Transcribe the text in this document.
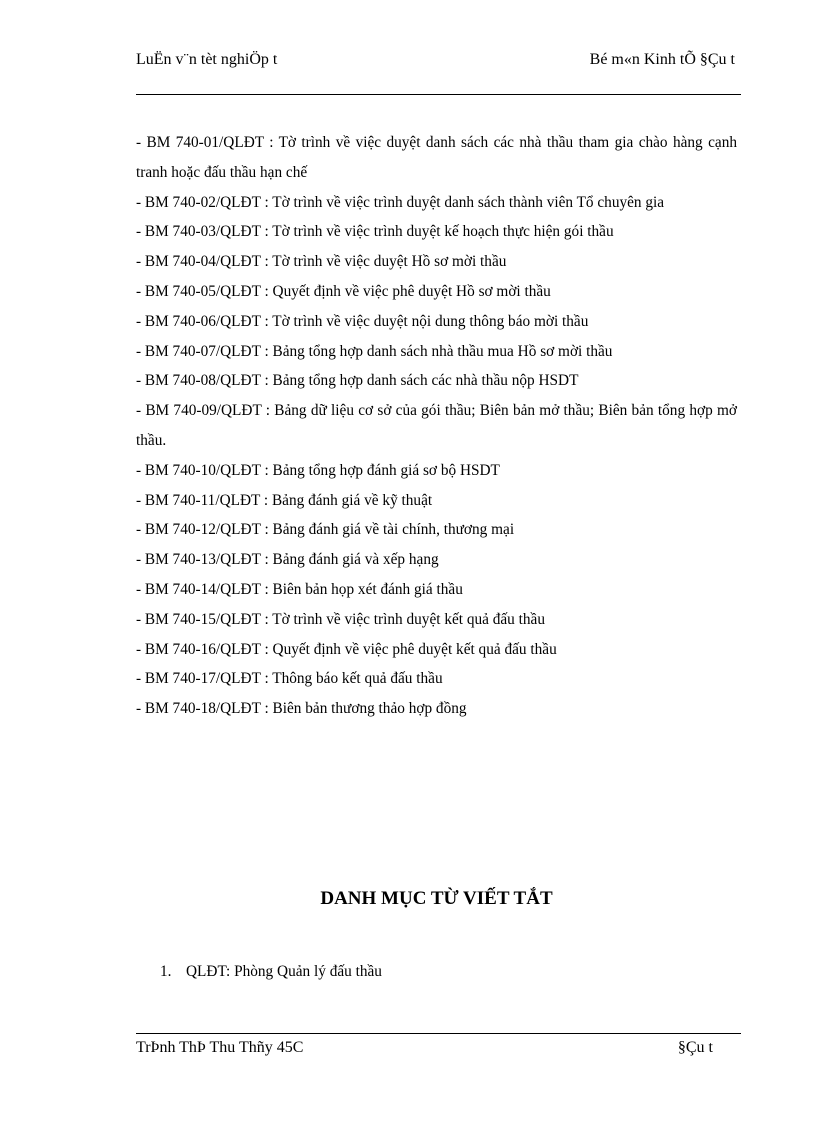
LuËn v¨n tèt nghiÖp t	Bé m«n Kinh tÕ §Çu t

- BM 740-01/QLĐT : Tờ trình về việc duyệt danh sách các nhà thầu tham gia chào hàng cạnh tranh hoặc đấu thầu hạn chế

- BM 740-02/QLĐT : Tờ trình về việc trình duyệt danh sách thành viên Tổ chuyên gia

- BM 740-03/QLĐT : Tờ trình về việc trình duyệt kế hoạch thực hiện gói thầu

- BM 740-04/QLĐT : Tờ trình về việc duyệt Hồ sơ mời thầu

- BM 740-05/QLĐT : Quyết định về việc phê duyệt Hồ sơ mời thầu

- BM 740-06/QLĐT : Tờ trình về việc duyệt nội dung thông báo mời thầu

- BM 740-07/QLĐT : Bảng tổng hợp danh sách nhà thầu mua Hồ sơ mời thầu

- BM 740-08/QLĐT : Bảng tổng hợp danh sách các nhà thầu nộp HSDT

- BM 740-09/QLĐT : Bảng dữ liệu cơ sở của gói thầu; Biên bản mở thầu; Biên bản tổng hợp mở thầu.

- BM 740-10/QLĐT : Bảng tổng hợp đánh giá sơ bộ HSDT

- BM 740-11/QLĐT : Bảng đánh giá về kỹ thuật

- BM 740-12/QLĐT : Bảng đánh giá về tài chính, thương mại

- BM 740-13/QLĐT : Bảng đánh giá và xếp hạng

- BM 740-14/QLĐT : Biên bản họp xét đánh giá thầu

- BM 740-15/QLĐT : Tờ trình về việc trình duyệt kết quả đấu thầu

- BM 740-16/QLĐT : Quyết định về việc phê duyệt kết quả đấu thầu

- BM 740-17/QLĐT : Thông báo kết quả đấu thầu

- BM 740-18/QLĐT : Biên bản thương thảo hợp đồng

DANH MỤC TỪ VIẾT TẮT
1. QLĐT: Phòng Quản lý đấu thầu
TrÞnh ThÞ Thu Thñy 45C	§Çu t
